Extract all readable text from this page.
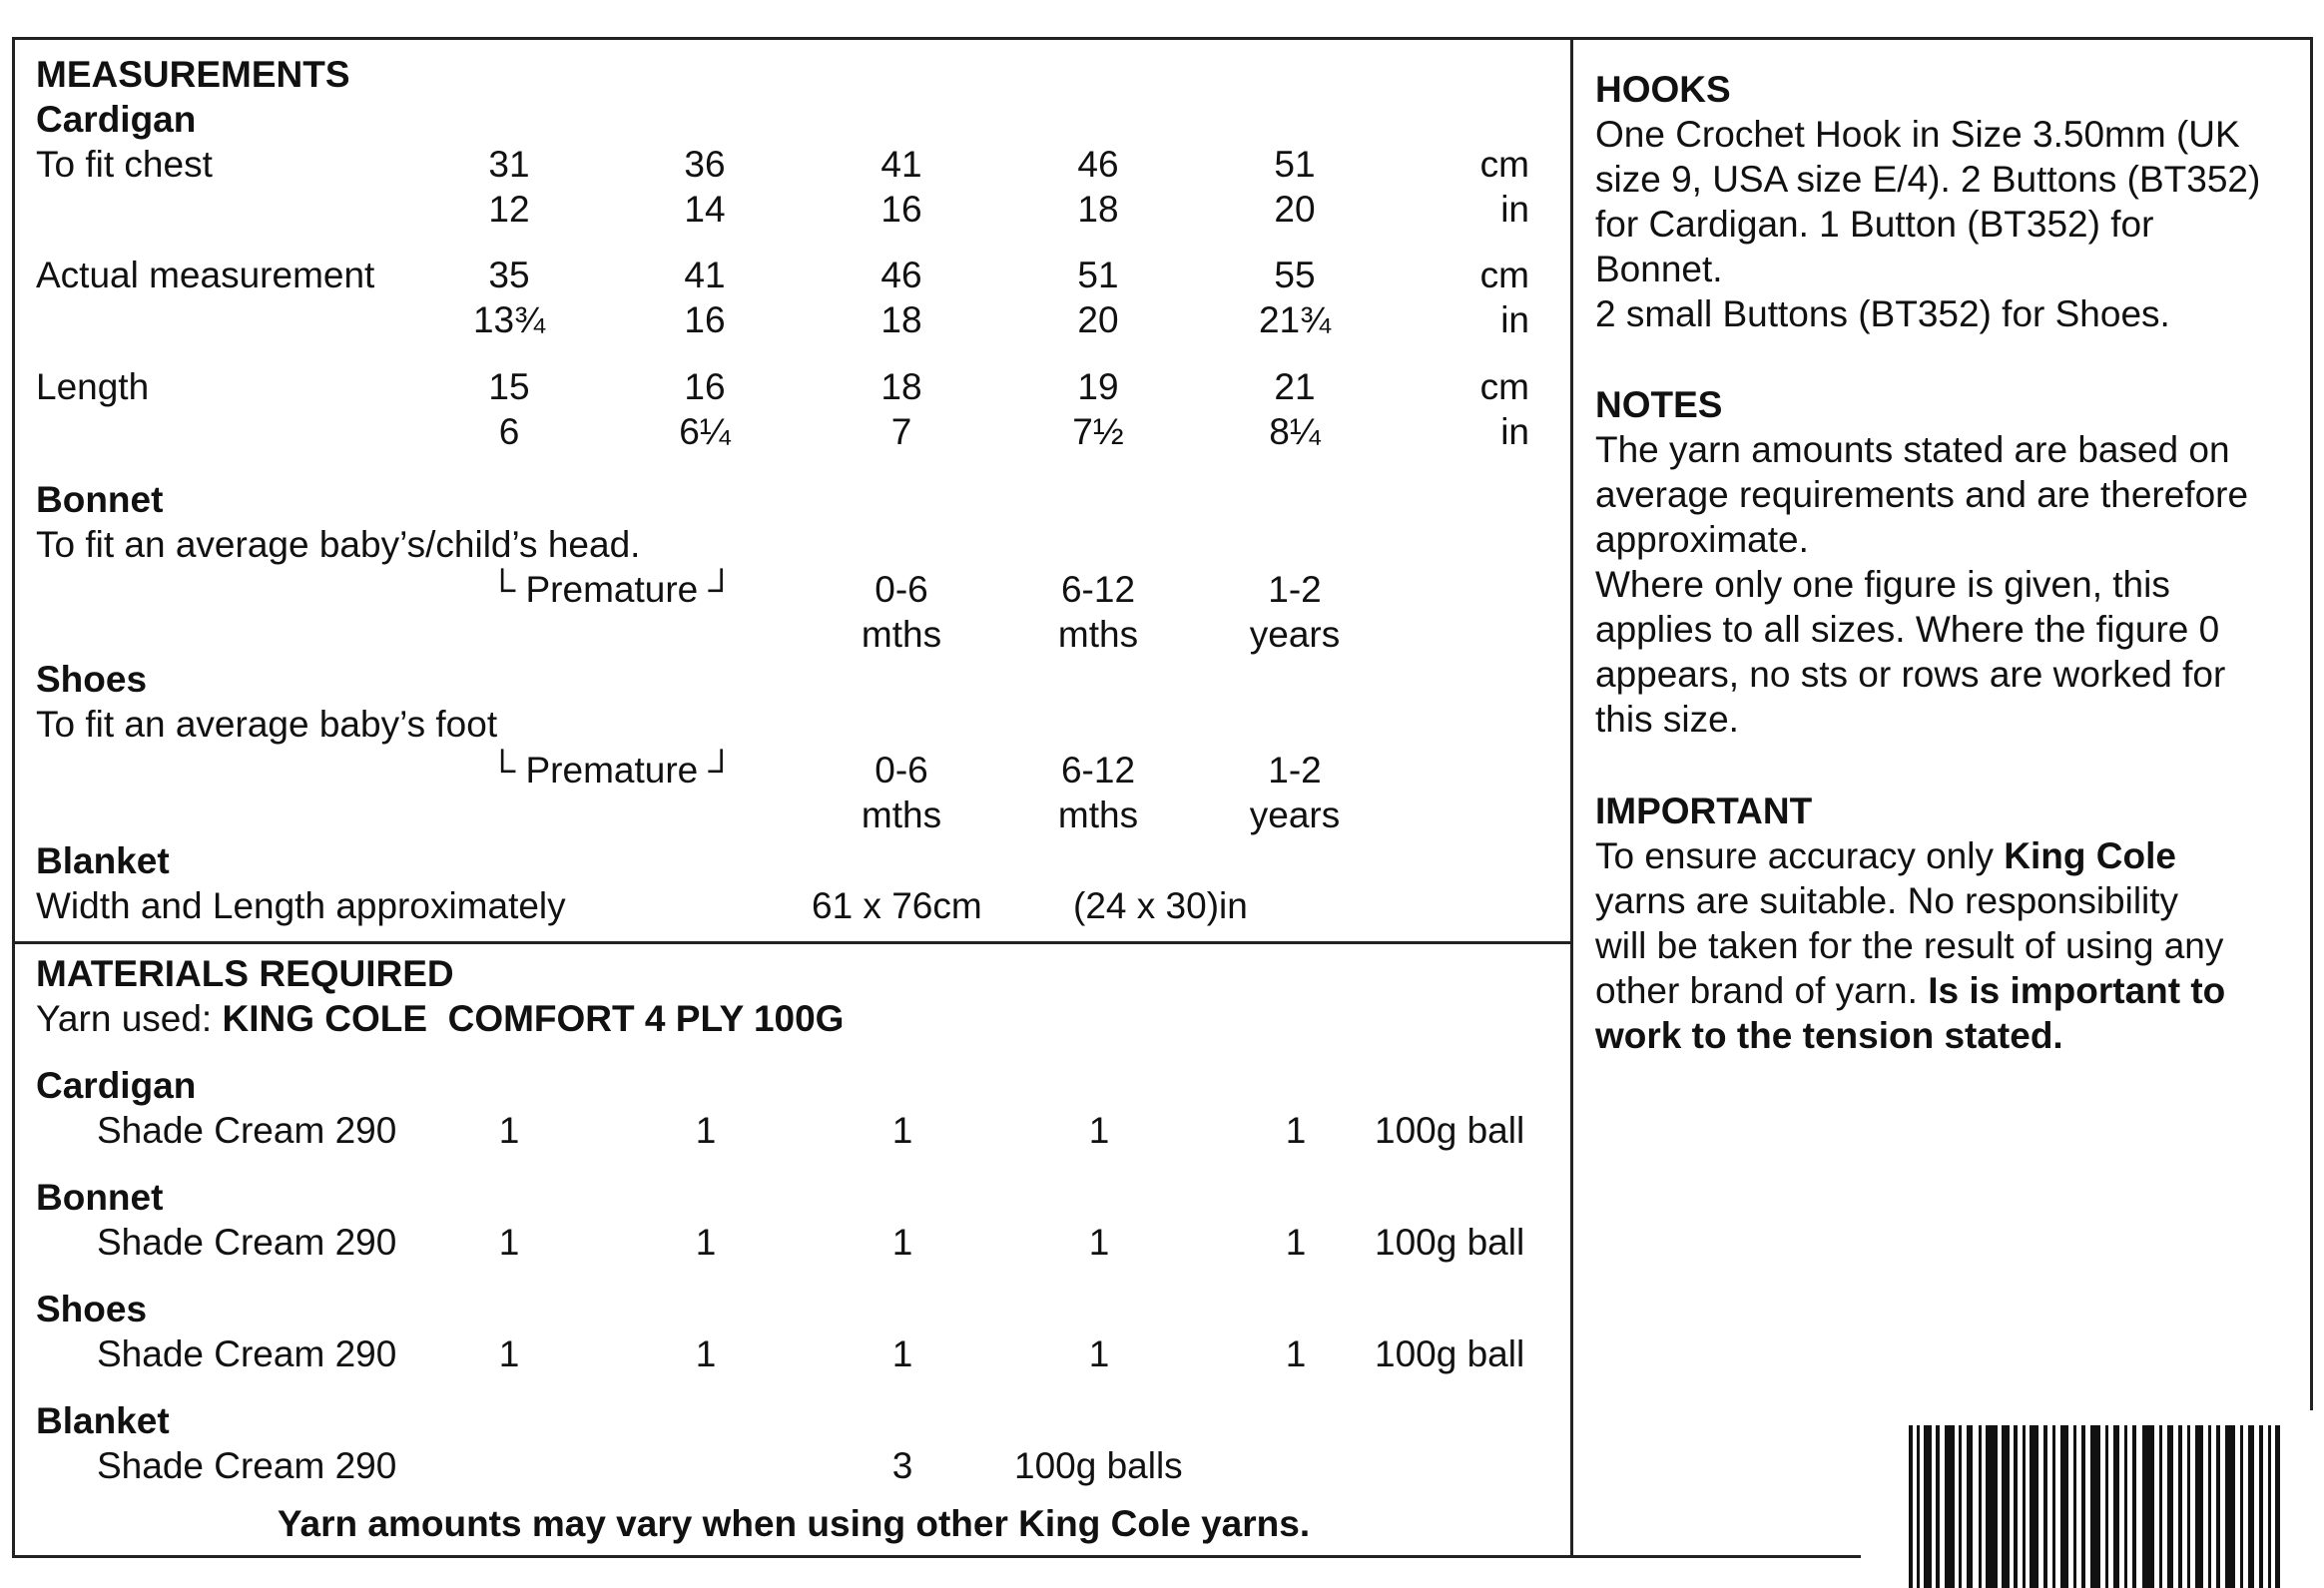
MEASUREMENTS
Cardigan
To fit chest	31	36	41	46	51	cm
12	14	16	18	20	in
Actual measurement	35	41	46	51	55	cm
13¾	16	18	20	21¾	in
Length	15	16	18	19	21	cm
6	6¼	7	7½	8¼	in
Bonnet
To fit an average baby’s/child’s head.
└ Premature ┘	0-6	6-12	1-2
mths	mths	years
Shoes
To fit an average baby’s foot
└ Premature ┘	0-6	6-12	1-2
mths	mths	years
Blanket
Width and Length approximately	61 x 76cm (24 x 30)in
MATERIALS REQUIRED
Yarn used: KING COLE  COMFORT 4 PLY 100G
Cardigan
Shade Cream 290	1	1	1	1	1	100g ball
Bonnet
Shade Cream 290	1	1	1	1	1	100g ball
Shoes
Shade Cream 290	1	1	1	1	1	100g ball
Blanket
Shade Cream 290	3	100g balls
Yarn amounts may vary when using other King Cole yarns.
HOOKS
One Crochet Hook in Size 3.50mm (UK
size 9, USA size E/4). 2 Buttons (BT352)
for Cardigan. 1 Button (BT352) for
Bonnet.
2 small Buttons (BT352) for Shoes.
NOTES
The yarn amounts stated are based on
average requirements and are therefore
approximate.
Where only one figure is given, this
applies to all sizes. Where the figure 0
appears, no sts or rows are worked for
this size.
IMPORTANT
To ensure accuracy only King Cole
yarns are suitable. No responsibility
will be taken for the result of using any
other brand of yarn. Is is important to
work to the tension stated.
